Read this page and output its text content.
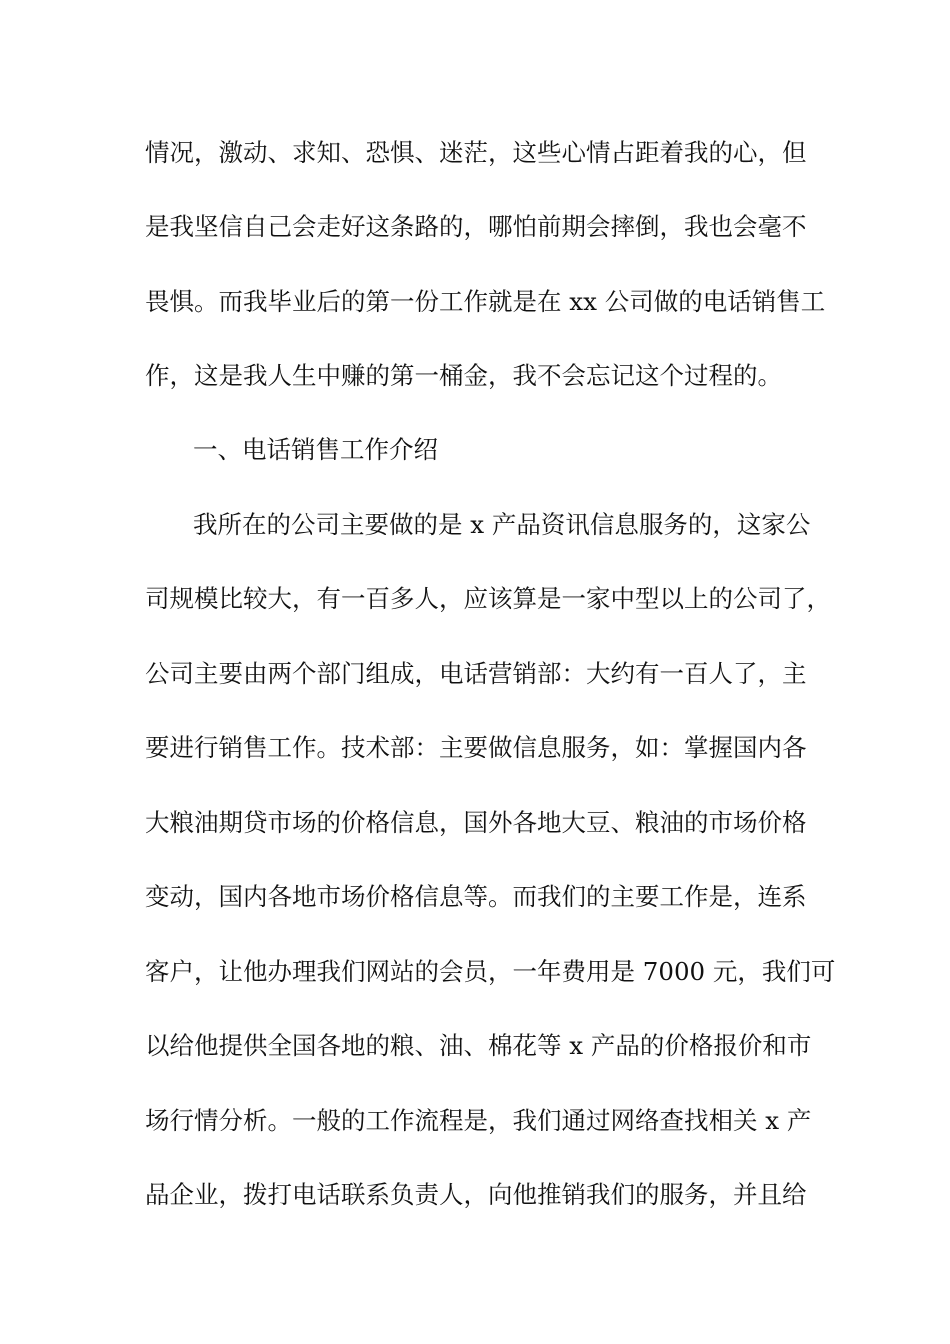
情况，激动、求知、恐惧、迷茫，这些心情占距着我的心，但
是我坚信自己会走好这条路的，哪怕前期会摔倒，我也会毫不
畏惧。而我毕业后的第一份工作就是在 xx 公司做的电话销售工
作，这是我人生中赚的第一桶金，我不会忘记这个过程的。
一、电话销售工作介绍
我所在的公司主要做的是 x 产品资讯信息服务的，这家公
司规模比较大，有一百多人，应该算是一家中型以上的公司了，
公司主要由两个部门组成，电话营销部：大约有一百人了，主
要进行销售工作。技术部：主要做信息服务，如：掌握国内各
大粮油期贷市场的价格信息，国外各地大豆、粮油的市场价格
变动，国内各地市场价格信息等。而我们的主要工作是，连系
客户，让他办理我们网站的会员，一年费用是 7000 元，我们可
以给他提供全国各地的粮、油、棉花等 x 产品的价格报价和市
场行情分析。一般的工作流程是，我们通过网络查找相关 x 产
品企业，拨打电话联系负责人，向他推销我们的服务，并且给
